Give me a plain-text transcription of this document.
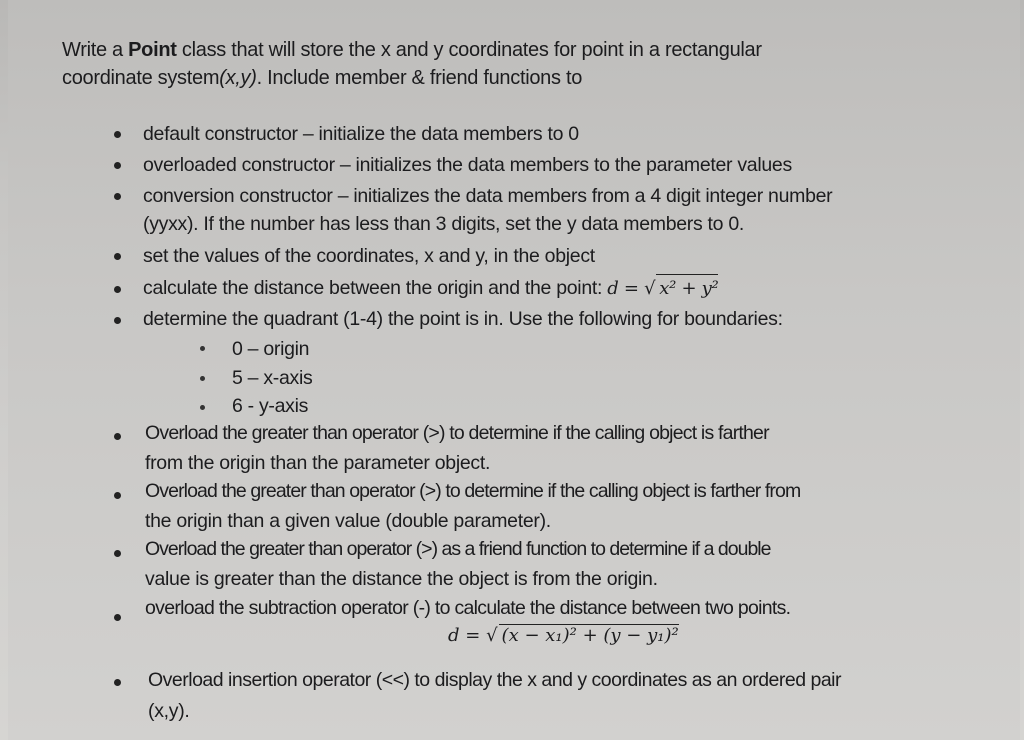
Write a Point class that will store the x and y coordinates for point in a rectangular
coordinate system(x,y). Include member & friend functions to
default constructor – initialize the data members to 0
overloaded constructor – initializes the data members to the parameter values
conversion constructor – initializes the data members from a 4 digit integer number
(yyxx). If the number has less than 3 digits, set the y data members to 0.
set the values of the coordinates, x and y, in the object
calculate the distance between the origin and the point: d = √ x² + y²
determine the quadrant (1-4) the point is in. Use the following for boundaries:
0 – origin
5 – x-axis
6 - y-axis
Overload the greater than operator (>) to determine if the calling object is farther
from the origin than the parameter object.
Overload the greater than operator (>) to determine if the calling object is farther from
the origin than a given value (double parameter).
Overload the greater than operator (>) as a friend function to determine if a double
value is greater than the distance the object is from the origin.
overload the subtraction operator (-) to calculate the distance between two points.
d = √ (x − x₁)² + (y − y₁)²
Overload insertion operator (<<) to display the x and y coordinates as an ordered pair
(x,y).
